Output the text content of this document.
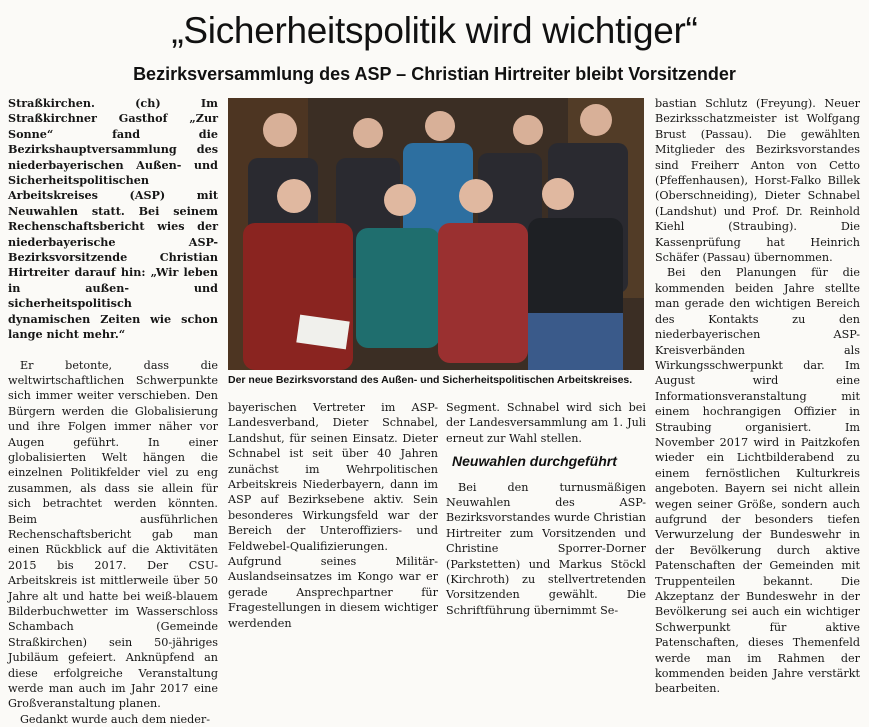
„Sicherheitspolitik wird wichtiger“
Bezirksversammlung des ASP – Christian Hirtreiter bleibt Vorsitzender

Straßkirchen. (ch) Im Straßkirchner Gasthof „Zur Sonne“ fand die Bezirkshauptversammlung des niederbayerischen Außen- und Sicherheitspolitischen Arbeitskreises (ASP) mit Neuwahlen statt. Bei seinem Rechenschaftsbericht wies der niederbayerische ASP-Bezirksvorsitzende Christian Hirtreiter darauf hin: „Wir leben in außen- und sicherheitspolitisch dynamischen Zeiten wie schon lange nicht mehr.“

Er betonte, dass die weltwirtschaftlichen Schwerpunkte sich immer weiter verschieben. Den Bürgern werden die Globalisierung und ihre Folgen immer näher vor Augen geführt. In einer globalisierten Welt hängen die einzelnen Politikfelder viel zu eng zusammen, als dass sie allein für sich betrachtet werden könnten. Beim ausführlichen Rechenschaftsbericht gab man einen Rückblick auf die Aktivitäten 2015 bis 2017. Der CSU-Arbeitskreis ist mittlerweile über 50 Jahre alt und hatte bei weiß-blauem Bilderbuchwetter im Wasserschloss Schambach (Gemeinde Straßkirchen) sein 50-jähriges Jubiläum gefeiert. Anknüpfend an diese erfolgreiche Veranstaltung werde man auch im Jahr 2017 eine Großveranstaltung planen.

Gedankt wurde auch dem nieder-

Der neue Bezirksvorstand des Außen- und Sicherheitspolitischen Arbeitskreises.

bayerischen Vertreter im ASP-Landesverband, Dieter Schnabel, Landshut, für seinen Einsatz. Dieter Schnabel ist seit über 40 Jahren zunächst im Wehrpolitischen Arbeitskreis Niederbayern, dann im ASP auf Bezirksebene aktiv. Sein besonderes Wirkungsfeld war der Bereich der Unteroffiziers- und Feldwebel-Qualifizierungen. Aufgrund seines Militär-Auslandseinsatzes im Kongo war er gerade Ansprechpartner für Fragestellungen in diesem wichtiger werdenden

Segment. Schnabel wird sich bei der Landesversammlung am 1. Juli erneut zur Wahl stellen.

Neuwahlen durchgeführt

Bei den turnusmäßigen Neuwahlen des ASP-Bezirksvorstandes wurde Christian Hirtreiter zum Vorsitzenden und Christine Sporrer-Dorner (Parkstetten) und Markus Stöckl (Kirchroth) zu stellvertretenden Vorsitzenden gewählt. Die Schriftführung übernimmt Se-

bastian Schlutz (Freyung). Neuer Bezirksschatzmeister ist Wolfgang Brust (Passau). Die gewählten Mitglieder des Bezirksvorstandes sind Freiherr Anton von Cetto (Pfeffenhausen), Horst-Falko Billek (Oberschneiding), Dieter Schnabel (Landshut) und Prof. Dr. Reinhold Kiehl (Straubing). Die Kassenprüfung hat Heinrich Schäfer (Passau) übernommen.

Bei den Planungen für die kommenden beiden Jahre stellte man gerade den wichtigen Bereich des Kontakts zu den niederbayerischen ASP-Kreisverbänden als Wirkungsschwerpunkt dar. Im August wird eine Informationsveranstaltung mit einem hochrangigen Offizier in Straubing organisiert. Im November 2017 wird in Paitzkofen wieder ein Lichtbilderabend zu einem fernöstlichen Kulturkreis angeboten. Bayern sei nicht allein wegen seiner Größe, sondern auch aufgrund der besonders tiefen Verwurzelung der Bundeswehr in der Bevölkerung durch aktive Patenschaften der Gemeinden mit Truppenteilen bekannt. Die Akzeptanz der Bundeswehr in der Bevölkerung sei auch ein wichtiger Schwerpunkt für aktive Patenschaften, dieses Themenfeld werde man im Rahmen der kommenden beiden Jahre verstärkt bearbeiten.
